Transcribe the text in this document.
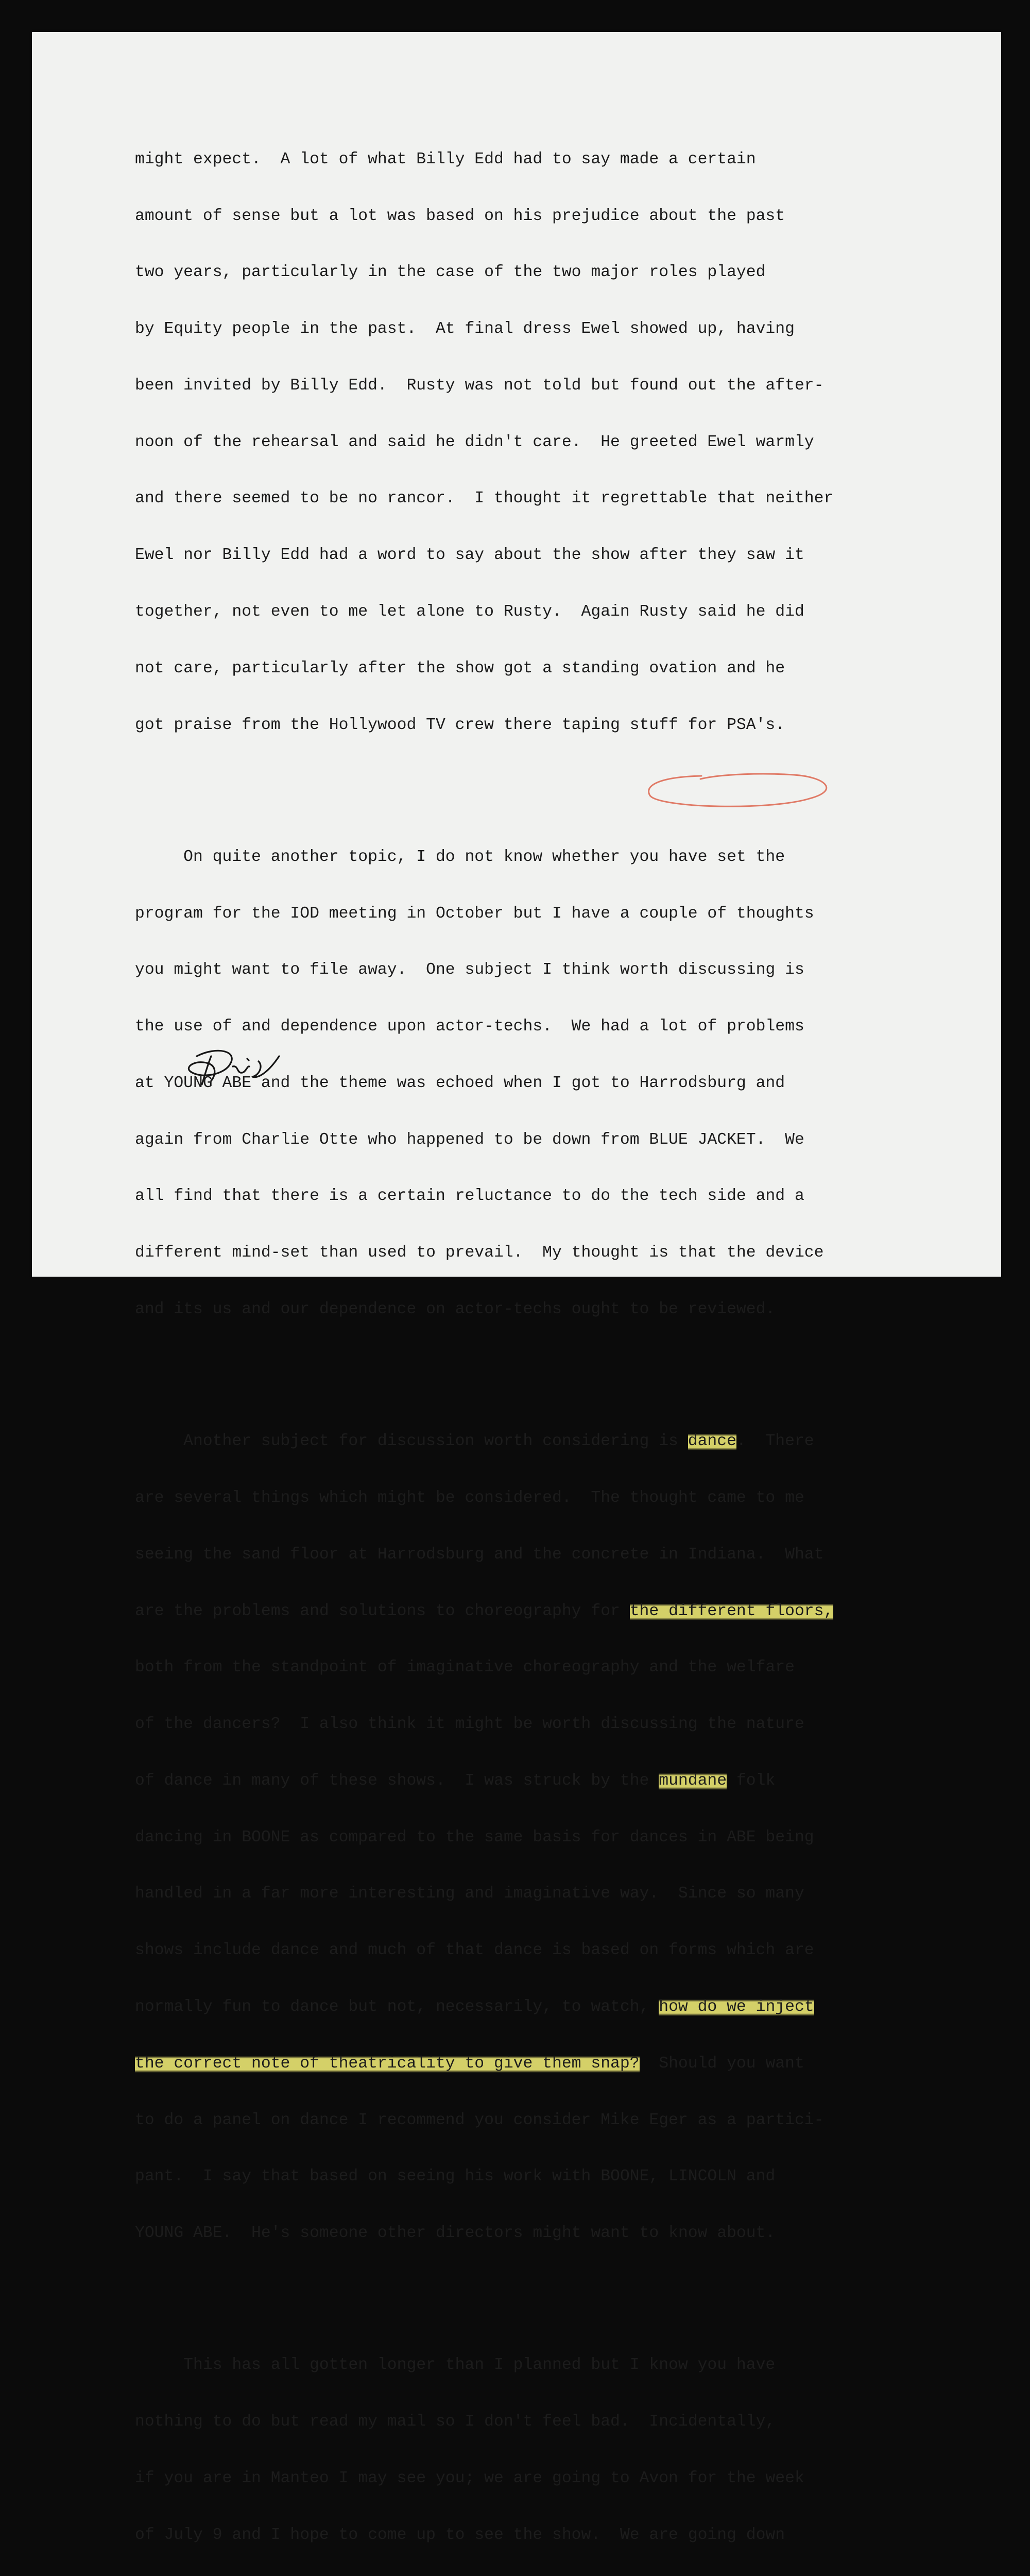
might expect.  A lot of what Billy Edd had to say made a certain

amount of sense but a lot was based on his prejudice about the past

two years, particularly in the case of the two major roles played

by Equity people in the past.  At final dress Ewel showed up, having

been invited by Billy Edd.  Rusty was not told but found out the after-

noon of the rehearsal and said he didn't care.  He greeted Ewel warmly

and there seemed to be no rancor.  I thought it regrettable that neither

Ewel nor Billy Edd had a word to say about the show after they saw it

together, not even to me let alone to Rusty.  Again Rusty said he did

not care, particularly after the show got a standing ovation and he

got praise from the Hollywood TV crew there taping stuff for PSA's.

On quite another topic, I do not know whether you have set the

program for the IOD meeting in October but I have a couple of thoughts

you might want to file away.  One subject I think worth discussing is

the use of and dependence upon actor-techs.  We had a lot of problems

at YOUNG ABE and the theme was echoed when I got to Harrodsburg and

again from Charlie Otte who happened to be down from BLUE JACKET.  We

all find that there is a certain reluctance to do the tech side and a

different mind-set than used to prevail.  My thought is that the device

and its us and our dependence on actor-techs ought to be reviewed.

Another subject for discussion worth considering is dance.  There

are several things which might be considered.  The thought came to me

seeing the sand floor at Harrodsburg and the concrete in Indiana.  What

are the problems and solutions to choreography for the different floors,

both from the standpoint of imaginative choreography and the welfare

of the dancers?  I also think it might be worth discussing the nature

of dance in many of these shows.  I was struck by the mundane folk

dancing in BOONE as compared to the same basis for dances in ABE being

handled in a far more interesting and imaginative way.  Since so many

shows include dance and much of that dance is based on forms which are

normally fun to dance but not, necessarily, to watch, how do we inject

the correct note of theatricality to give them snap?  Should you want

to do a panel on dance I recommend you consider Mike Eger as a partici-

pant.  I say that based on seeing his work with BOONE, LINCOLN and

YOUNG ABE.  He's someone other directors might want to know about.

This has all gotten longer than I planned but I know you have

nothing to do but read my mail so I don't feel bad.  Incidentally,

if you are in Manteo I may see you; we are going to Avon for the week

of July 9 and I hope to come up to see the show.  We are going down
